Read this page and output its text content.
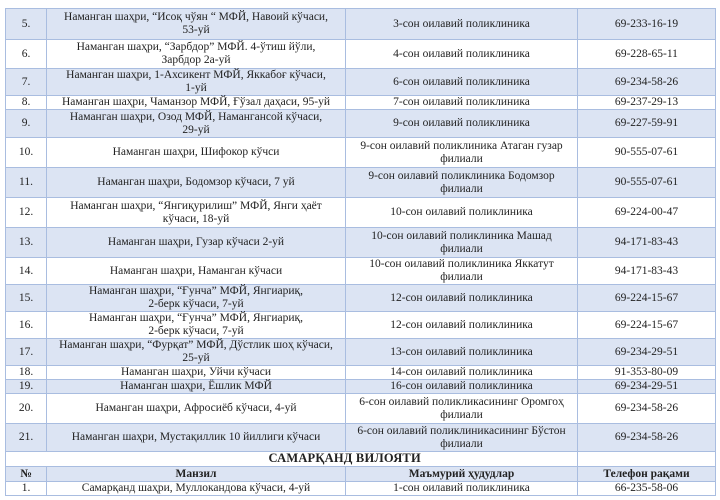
5.	Наманган шаҳри, “Исоқ чўян “ МФЙ, Навоий кўчаси,
53-уй	3-сон оилавий поликлиника	69-233-16-19
6.	Наманган шаҳри, “Зарбдор” МФЙ. 4-ўтиш йўли,
Зарбдор 2а-уй	4-сон оилавий поликлиника	69-228-65-11
7.	Наманган шаҳри, 1-Ахсикент МФЙ, Яккабоғ кўчаси,
1-уй	6-сон оилавий поликлиника	69-234-58-26
8.	Наманган шаҳри, Чаманзор МФЙ, Ғўзал даҳаси, 95-уй	7-сон оилавий поликлиника	69-237-29-13
9.	Наманган шаҳри, Озод МФЙ, Намангансой кўчаси,
29-уй	9-сон оилавий поликлиника	69-227-59-91
10.	Наманган шаҳри, Шифокор кўчси	9-сон оилавий поликлиника Атаган гузар
филиали	90-555-07-61
11.	Наманган шаҳри, Бодомзор кўчаси, 7 уй	9-сон оилавий поликлиника Бодомзор
филиали	90-555-07-61
12.	Наманган шаҳри, “Янгиқурилиш” МФЙ, Янги ҳаёт
кўчаси, 18-уй	10-сон оилавий поликлиника	69-224-00-47
13.	Наманган шаҳри, Гузар кўчаси 2-уй	10-сон оилавий поликлиника Машад
филиали	94-171-83-43
14.	Наманган шаҳри, Наманган кўчаси	10-сон оилавий поликлиника Яккатут
филиали	94-171-83-43
15.	Наманган шаҳри, “Ғунча” МФЙ, Янгиариқ,
2-берк кўчаси, 7-уй	12-сон оилавий поликлиника	69-224-15-67
16.	Наманган шаҳри, “Ғунча” МФЙ, Янгиариқ,
2-берк кўчаси, 7-уй	12-сон оилавий поликлиника	69-224-15-67
17.	Наманган шаҳри, “Фурқат” МФЙ, Дўстлик шоҳ кўчаси,
25-уй	13-сон оилавий поликлиника	69-234-29-51
18.	Наманган шаҳри, Уйчи кўчаси	14-сон оилавий поликлиника	91-353-80-09
19.	Наманган шаҳри, Ёшлик МФЙ	16-сон оилавий поликлиника	69-234-29-51
20.	Наманган шаҳри, Афросиёб кўчаси, 4-уй	6-сон оилавий поликликасининг Оромгоҳ
филиали	69-234-58-26
21.	Наманган шаҳри, Мустақиллик 10 йиллиги кўчаси	6-сон оилавий поликлиникасининг Бўстон
филиали	69-234-58-26

		САМАРҚАНД ВИЛОЯТИ	

№	Манзил	Маъмурий ҳудудлар	Телефон рақами
1.	Самарқанд шаҳри, Муллокандова кўчаси, 4-уй	1-сон оилавий поликлиника	66-235-58-06
